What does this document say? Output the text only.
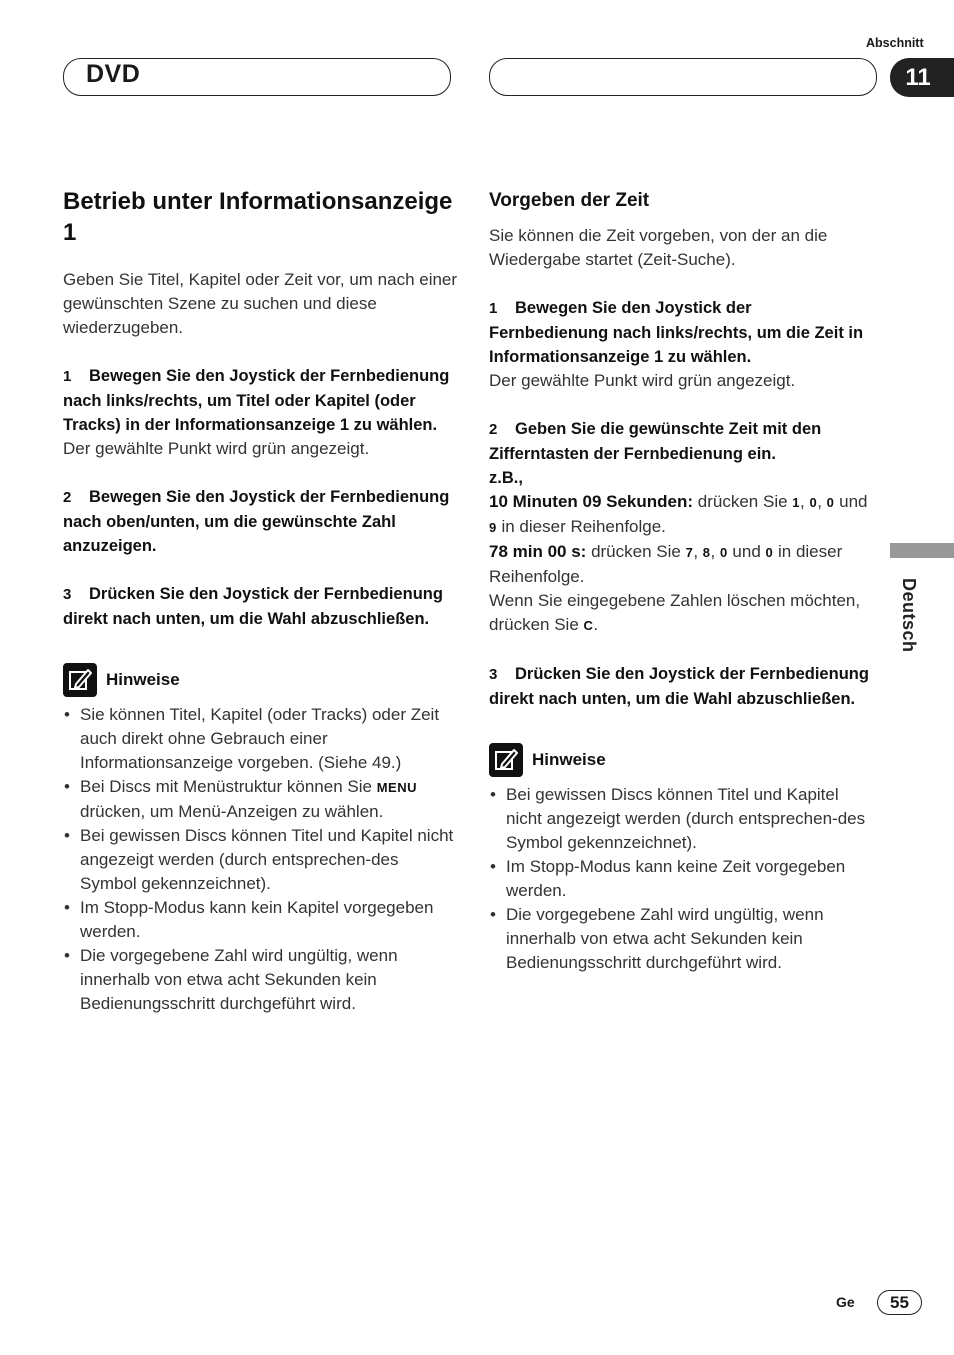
DVD
Abschnitt
11
Deutsch
Betrieb unter Informationsanzeige 1

Geben Sie Titel, Kapitel oder Zeit vor, um nach einer gewünschten Szene zu suchen und diese wiederzugeben.

1 Bewegen Sie den Joystick der Fernbedienung nach links/rechts, um Titel oder Kapitel (oder Tracks) in der Informationsanzeige 1 zu wählen.

Der gewählte Punkt wird grün angezeigt.

2 Bewegen Sie den Joystick der Fernbedienung nach oben/unten, um die gewünschte Zahl anzuzeigen.
3 Drücken Sie den Joystick der Fernbedienung direkt nach unten, um die Wahl abzuschließen.
Hinweise
• Sie können Titel, Kapitel (oder Tracks) oder Zeit auch direkt ohne Gebrauch einer Informationsanzeige vorgeben. (Siehe 49.)
• Bei Discs mit Menüstruktur können Sie MENU drücken, um Menü-Anzeigen zu wählen.
• Bei gewissen Discs können Titel und Kapitel nicht angezeigt werden (durch entsprechen-des Symbol gekennzeichnet).
• Im Stopp-Modus kann kein Kapitel vorgegeben werden.
• Die vorgegebene Zahl wird ungültig, wenn innerhalb von etwa acht Sekunden kein Bedienungsschritt durchgeführt wird.
Vorgeben der Zeit

Sie können die Zeit vorgeben, von der an die Wiedergabe startet (Zeit-Suche).

1 Bewegen Sie den Joystick der Fernbedienung nach links/rechts, um die Zeit in Informationsanzeige 1 zu wählen.

Der gewählte Punkt wird grün angezeigt.

2 Geben Sie die gewünschte Zeit mit den Zifferntasten der Fernbedienung ein.
z.B.,

10 Minuten 09 Sekunden: drücken Sie 1, 0, 0 und 9 in dieser Reihenfolge.

78 min 00 s: drücken Sie 7, 8, 0 und 0 in dieser Reihenfolge.

Wenn Sie eingegebene Zahlen löschen möchten, drücken Sie C.

3 Drücken Sie den Joystick der Fernbedienung direkt nach unten, um die Wahl abzuschließen.
Hinweise
• Bei gewissen Discs können Titel und Kapitel nicht angezeigt werden (durch entsprechen-des Symbol gekennzeichnet).
• Im Stopp-Modus kann keine Zeit vorgegeben werden.
• Die vorgegebene Zahl wird ungültig, wenn innerhalb von etwa acht Sekunden kein Bedienungsschritt durchgeführt wird.
Ge 55
